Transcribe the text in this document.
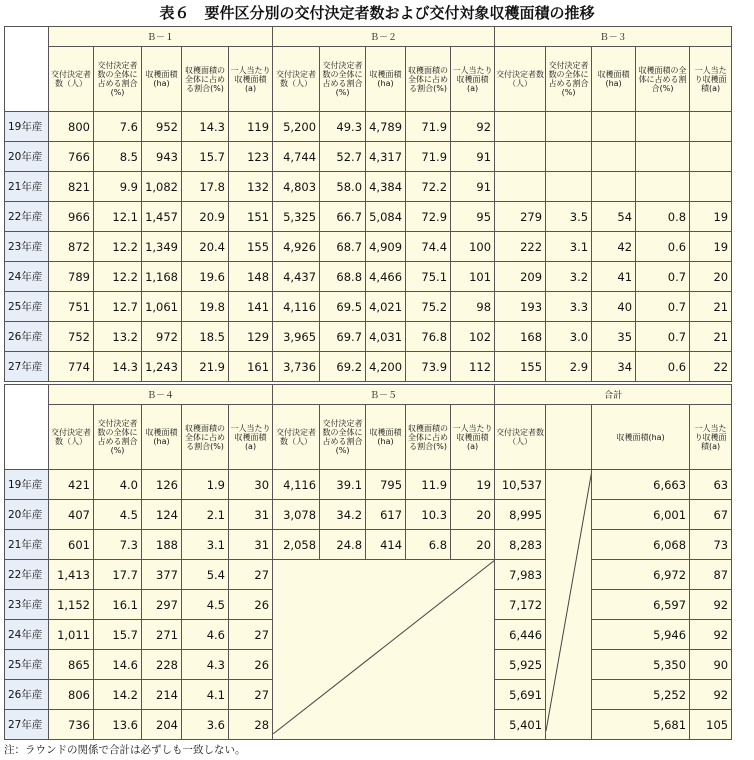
表６　要件区分別の交付決定者数および交付対象収穫面積の推移
	Ｂ－１					Ｂ－２					Ｂ－３				
	交付決定者数（人）	交付決定者数の全体に占める割合(%)	収穫面積(ha)	収穫面積の全体に占める割合(%)	一人当たり収穫面積(a)	交付決定者数（人）	交付決定者数の全体に占める割合(%)	収穫面積(ha)	収穫面積の全体に占める割合(%)	一人当たり収穫面積(a)	交付決定者数（人）	交付決定者数の全体に占める割合(%)	収穫面積(ha)	収穫面積の全体に占める割合(%)	一人当たり収穫面積(a)
19年産	800	7.6	952	14.3	119	5,200	49.3	4,789	71.9	92					
20年産	766	8.5	943	15.7	123	4,744	52.7	4,317	71.9	91					
21年産	821	9.9	1,082	17.8	132	4,803	58.0	4,384	72.2	91					
22年産	966	12.1	1,457	20.9	151	5,325	66.7	5,084	72.9	95	279	3.5	54	0.8	19
23年産	872	12.2	1,349	20.4	155	4,926	68.7	4,909	74.4	100	222	3.1	42	0.6	19
24年産	789	12.2	1,168	19.6	148	4,437	68.8	4,466	75.1	101	209	3.2	41	0.7	20
25年産	751	12.7	1,061	19.8	141	4,116	69.5	4,021	75.2	98	193	3.3	40	0.7	21
26年産	752	13.2	972	18.5	129	3,965	69.7	4,031	76.8	102	168	3.0	35	0.7	21
27年産	774	14.3	1,243	21.9	161	3,736	69.2	4,200	73.9	112	155	2.9	34	0.6	22
	Ｂ－４					Ｂ－５					合計			
	交付決定者数（人）	交付決定者数の全体に占める割合(%)	収穫面積(ha)	収穫面積の全体に占める割合(%)	一人当たり収穫面積(a)	交付決定者数（人）	交付決定者数の全体に占める割合(%)	収穫面積(ha)	収穫面積の全体に占める割合(%)	一人当たり収穫面積(a)	交付決定者数（人）		収穫面積(ha)	一人当たり収穫面積(a)
19年産	421	4.0	126	1.9	30	4,116	39.1	795	11.9	19	10,537		6,663	63
20年産	407	4.5	124	2.1	31	3,078	34.2	617	10.3	20	8,995		6,001	67
21年産	601	7.3	188	3.1	31	2,058	24.8	414	6.8	20	8,283		6,068	73
22年産	1,413	17.7	377	5.4	27						7,983		6,972	87
23年産	1,152	16.1	297	4.5	26						7,172		6,597	92
24年産	1,011	15.7	271	4.6	27						6,446		5,946	92
25年産	865	14.6	228	4.3	26						5,925		5,350	90
26年産	806	14.2	214	4.1	27						5,691		5,252	92
27年産	736	13.6	204	3.6	28						5,401		5,681	105
注：ラウンドの関係で合計は必ずしも一致しない。
